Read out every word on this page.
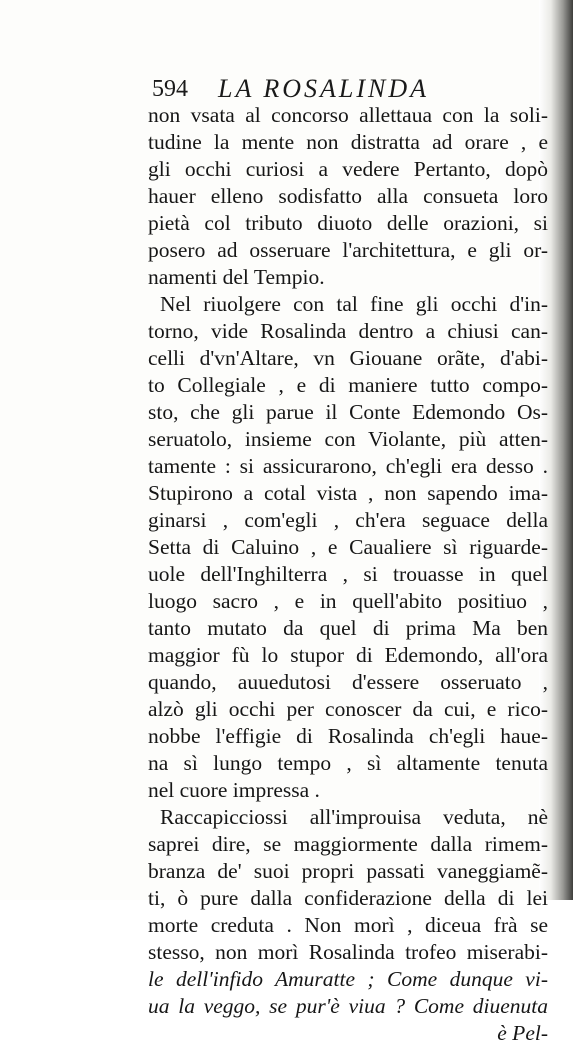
594 LA ROSALINDA
non vsata al concorso allettaua con la soli-
tudine la mente non distratta ad orare , e
gli occhi curiosi a vedere Pertanto, dopò
hauer elleno sodisfatto alla consueta loro
pietà col tributo diuoto delle orazioni, si
posero ad osseruare l'architettura, e gli or-
namenti del Tempio.
Nel riuolgere con tal fine gli occhi d'in-
torno, vide Rosalinda dentro a chiusi can-
celli d'vn'Altare, vn Giouane orãte, d'abi-
to Collegiale , e di maniere tutto compo-
sto, che gli parue il Conte Edemondo Os-
seruatolo, insieme con Violante, più atten-
tamente : si assicurarono, ch'egli era desso .
Stupirono a cotal vista , non sapendo ima-
ginarsi , com'egli , ch'era seguace della
Setta di Caluino , e Caualiere sì riguarde-
uole dell'Inghilterra , si trouasse in quel
luogo sacro , e in quell'abito positiuo ,
tanto mutato da quel di prima Ma ben
maggior fù lo stupor di Edemondo, all'ora
quando, auuedutosi d'essere osseruato ,
alzò gli occhi per conoscer da cui, e rico-
nobbe l'effigie di Rosalinda ch'egli haue-
na sì lungo tempo , sì altamente tenuta
nel cuore impressa .
Raccapicciossi all'improuisa veduta, nè
saprei dire, se maggiormente dalla rimem-
branza de' suoi propri passati vaneggiamẽ-
ti, ò pure dalla confiderazione della di lei
morte creduta . Non morì , diceua frà se
stesso, non morì Rosalinda trofeo miserabi-
le dell'infido Amuratte ; Come dunque vi-
ua la veggo, se pur'è viua ? Come diuenuta
è Pel-
